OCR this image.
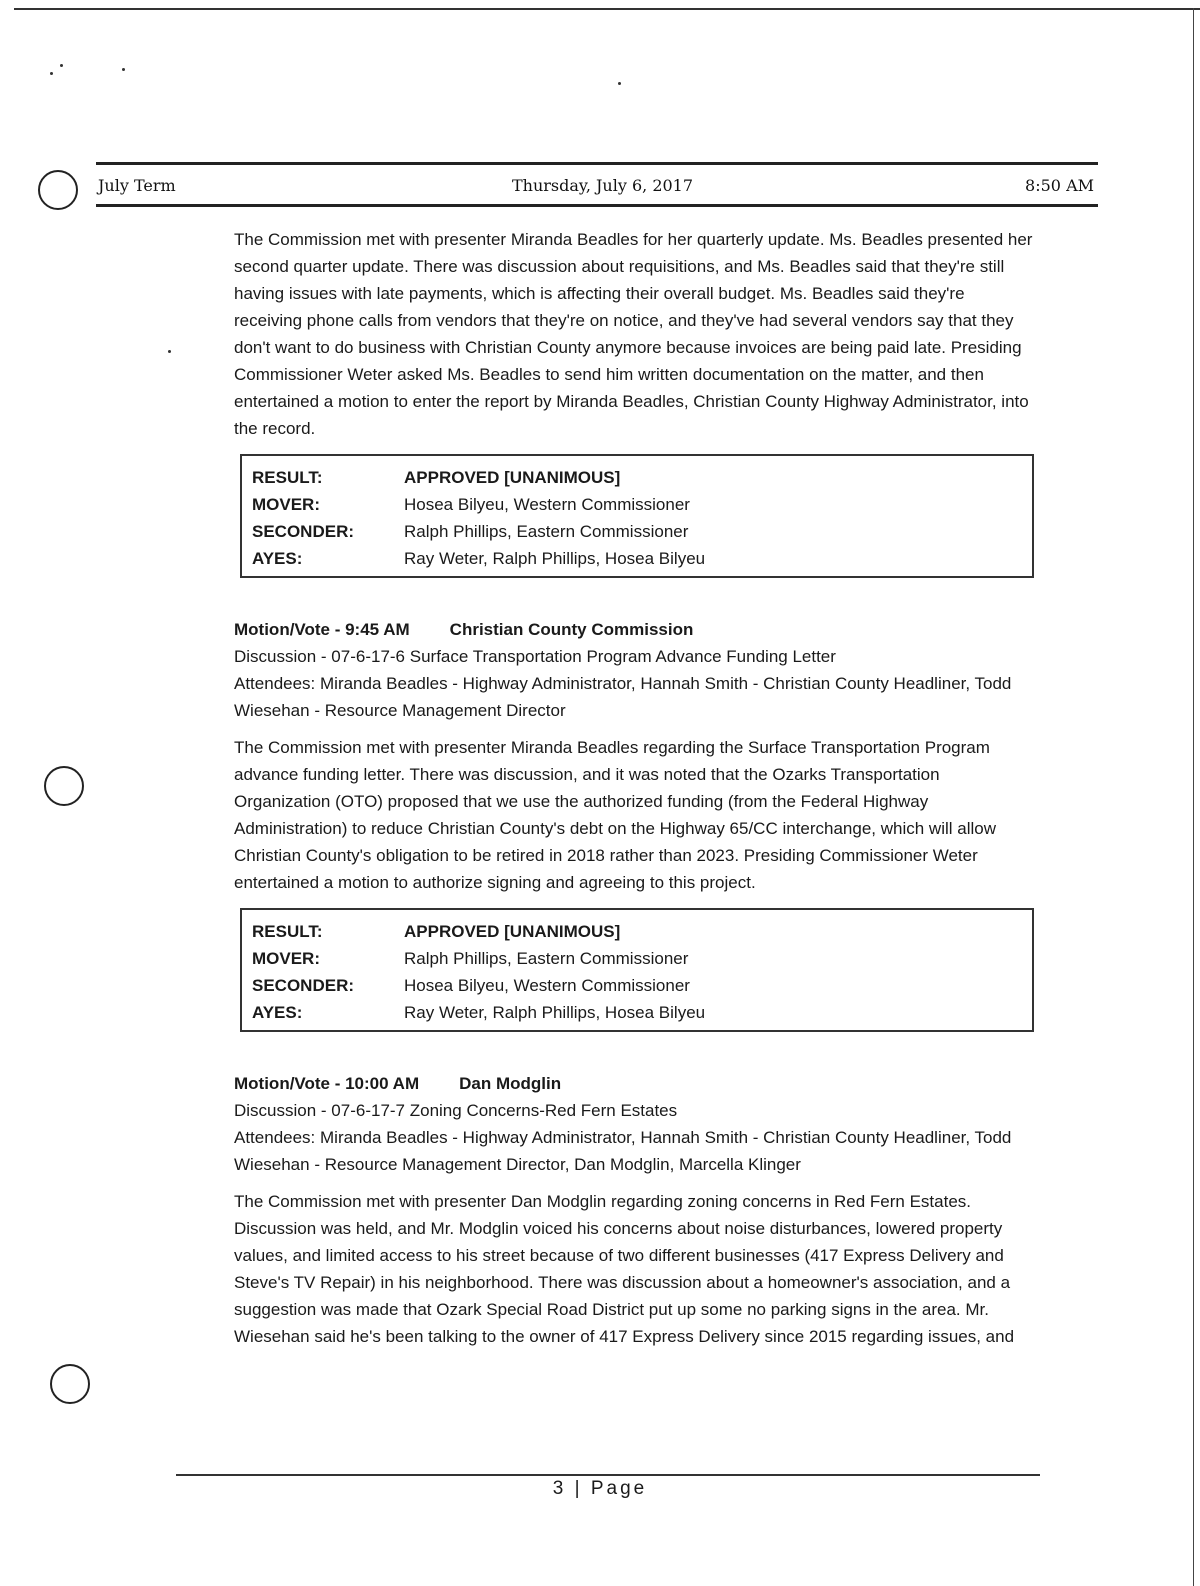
July Term	Thursday, July 6, 2017	8:50 AM

The Commission met with presenter Miranda Beadles for her quarterly update. Ms. Beadles presented her second quarter update. There was discussion about requisitions, and Ms. Beadles said that they're still having issues with late payments, which is affecting their overall budget. Ms. Beadles said they're receiving phone calls from vendors that they're on notice, and they've had several vendors say that they don't want to do business with Christian County anymore because invoices are being paid late. Presiding Commissioner Weter asked Ms. Beadles to send him written documentation on the matter, and then entertained a motion to enter the report by Miranda Beadles, Christian County Highway Administrator, into the record.

RESULT:	APPROVED [UNANIMOUS]
MOVER:	Hosea Bilyeu, Western Commissioner
SECONDER:	Ralph Phillips, Eastern Commissioner
AYES:	Ray Weter, Ralph Phillips, Hosea Bilyeu

Motion/Vote - 9:45 AM Christian County Commission

Discussion - 07-6-17-6 Surface Transportation Program Advance Funding Letter

Attendees: Miranda Beadles - Highway Administrator, Hannah Smith - Christian County Headliner, Todd Wiesehan - Resource Management Director

The Commission met with presenter Miranda Beadles regarding the Surface Transportation Program advance funding letter. There was discussion, and it was noted that the Ozarks Transportation Organization (OTO) proposed that we use the authorized funding (from the Federal Highway Administration) to reduce Christian County's debt on the Highway 65/CC interchange, which will allow Christian County's obligation to be retired in 2018 rather than 2023. Presiding Commissioner Weter entertained a motion to authorize signing and agreeing to this project.

RESULT:	APPROVED [UNANIMOUS]
MOVER:	Ralph Phillips, Eastern Commissioner
SECONDER:	Hosea Bilyeu, Western Commissioner
AYES:	Ray Weter, Ralph Phillips, Hosea Bilyeu

Motion/Vote - 10:00 AM Dan Modglin

Discussion - 07-6-17-7 Zoning Concerns-Red Fern Estates

Attendees: Miranda Beadles - Highway Administrator, Hannah Smith - Christian County Headliner, Todd Wiesehan - Resource Management Director, Dan Modglin, Marcella Klinger

The Commission met with presenter Dan Modglin regarding zoning concerns in Red Fern Estates. Discussion was held, and Mr. Modglin voiced his concerns about noise disturbances, lowered property values, and limited access to his street because of two different businesses (417 Express Delivery and Steve's TV Repair) in his neighborhood. There was discussion about a homeowner's association, and a suggestion was made that Ozark Special Road District put up some no parking signs in the area. Mr. Wiesehan said he's been talking to the owner of 417 Express Delivery since 2015 regarding issues, and

3 | Page
